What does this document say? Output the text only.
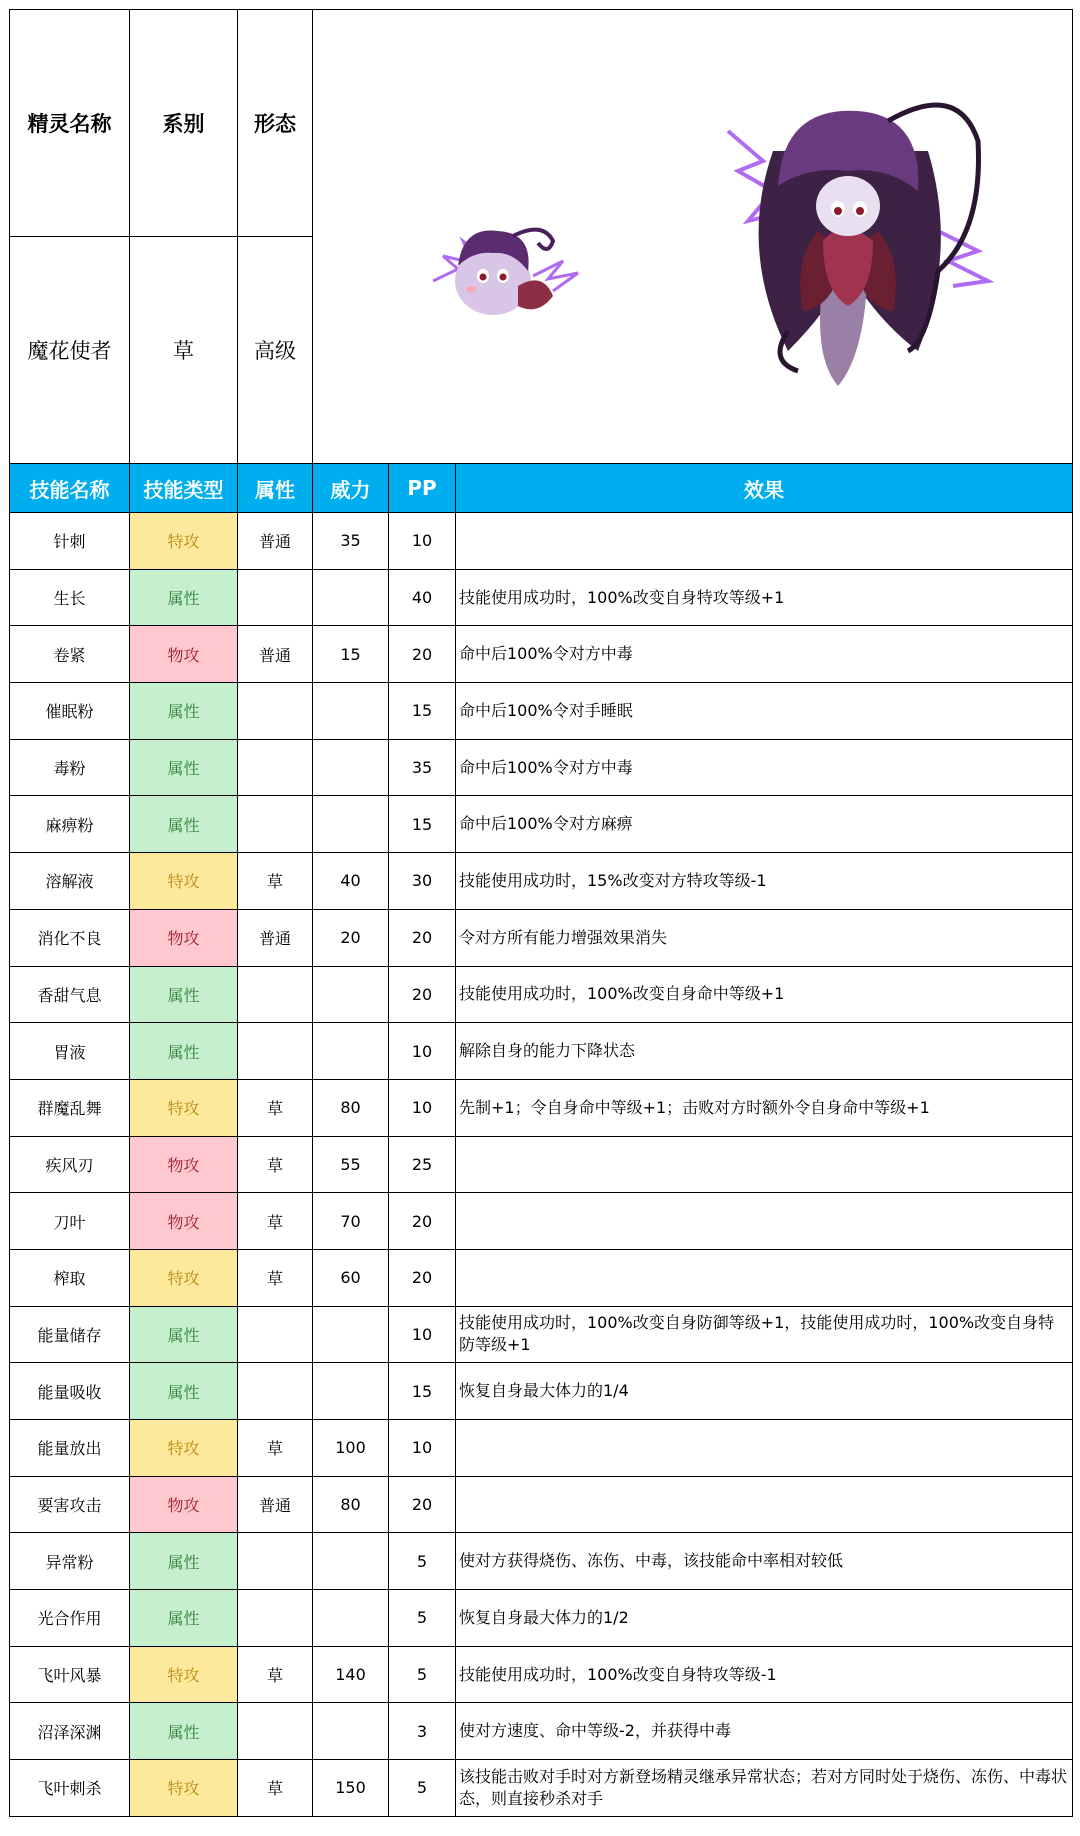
精灵名称	系别	形态	

魔花使者	草	高级			
技能名称	技能类型	属性	威力	PP	效果
针刺	特攻	普通	35	10	
生长	属性			40	技能使用成功时，100%改变自身特攻等级+1
卷紧	物攻	普通	15	20	命中后100%令对方中毒
催眠粉	属性			15	命中后100%令对手睡眠
毒粉	属性			35	命中后100%令对方中毒
麻痹粉	属性			15	命中后100%令对方麻痹
溶解液	特攻	草	40	30	技能使用成功时，15%改变对方特攻等级-1
消化不良	物攻	普通	20	20	令对方所有能力增强效果消失
香甜气息	属性			20	技能使用成功时，100%改变自身命中等级+1
胃液	属性			10	解除自身的能力下降状态
群魔乱舞	特攻	草	80	10	先制+1；令自身命中等级+1；击败对方时额外令自身命中等级+1
疾风刃	物攻	草	55	25	
刀叶	物攻	草	70	20	
榨取	特攻	草	60	20	
能量储存	属性			10	技能使用成功时，100%改变自身防御等级+1，技能使用成功时，100%改变自身特防等级+1
能量吸收	属性			15	恢复自身最大体力的1/4
能量放出	特攻	草	100	10	
要害攻击	物攻	普通	80	20	
异常粉	属性			5	使对方获得烧伤、冻伤、中毒，该技能命中率相对较低
光合作用	属性			5	恢复自身最大体力的1/2
飞叶风暴	特攻	草	140	5	技能使用成功时，100%改变自身特攻等级-1
沼泽深渊	属性			3	使对方速度、命中等级-2，并获得中毒
飞叶刺杀	特攻	草	150	5	该技能击败对手时对方新登场精灵继承异常状态；若对方同时处于烧伤、冻伤、中毒状态，则直接秒杀对手
